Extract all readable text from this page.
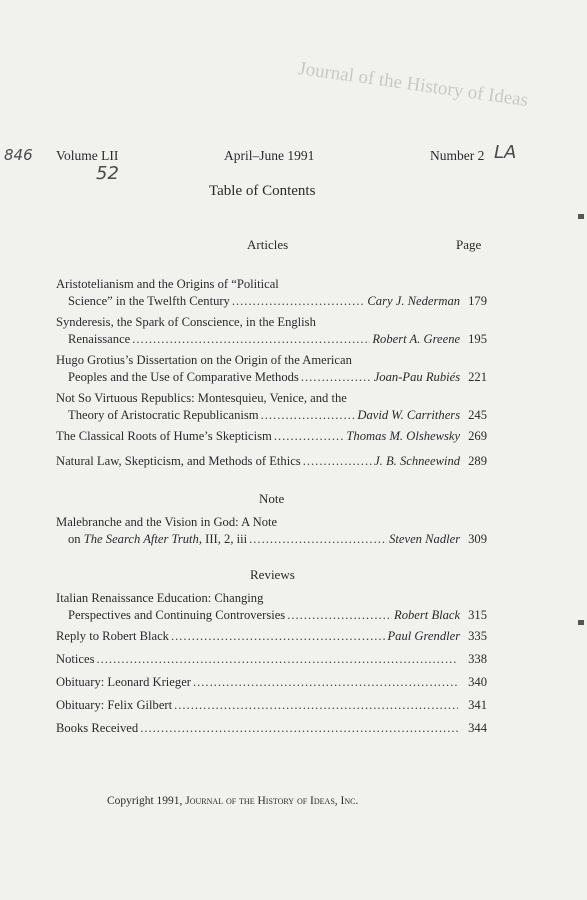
Journal of the History of Ideas
846
52
LA
Volume LII	April–June 1991	Number 2
Table of Contents
Articles	Page
Aristotelianism and the Origins of “Political
Science” in the Twelfth Century .....	Cary J. Nederman 179
Synderesis, the Spark of Conscience, in the English
Renaissance .....	Robert A. Greene 195
Hugo Grotius’s Dissertation on the Origin of the American
Peoples and the Use of Comparative Methods .....	Joan-Pau Rubiés 221
Not So Virtuous Republics: Montesquieu, Venice, and the
Theory of Aristocratic Republicanism .....	David W. Carrithers 245
The Classical Roots of Hume’s Skepticism .....	Thomas M. Olshewsky 269
Natural Law, Skepticism, and Methods of Ethics .....	J. B. Schneewind 289
Note
Malebranche and the Vision in God: A Note
on The Search After Truth, III, 2, iii .....	Steven Nadler 309
Reviews
Italian Renaissance Education: Changing
Perspectives and Continuing Controversies .....	Robert Black 315
Reply to Robert Black .....	Paul Grendler 335
Notices .....	338
Obituary: Leonard Krieger .....	340
Obituary: Felix Gilbert .....	341
Books Received .....	344
Copyright 1991, Journal of the History of Ideas, Inc.
